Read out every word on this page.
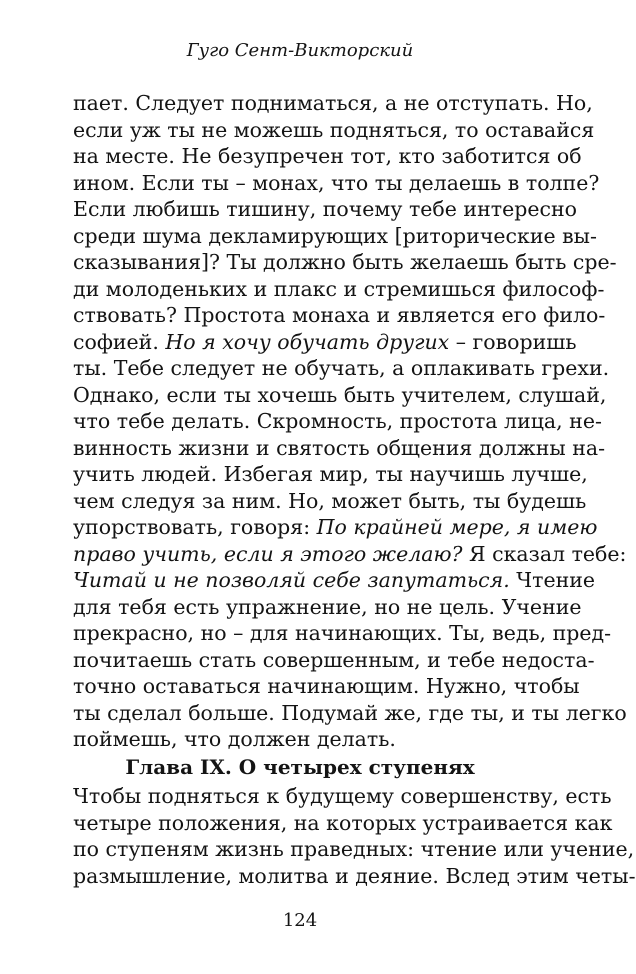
Гуго Сент-Викторский
пает. Следует подниматься, а не отступать. Но,
если уж ты не можешь подняться, то оставайся
на месте. Не безупречен тот, кто заботится об
ином. Если ты – монах, что ты делаешь в толпе?
Если любишь тишину, почему тебе интересно
среди шума декламирующих [риторические вы-
сказывания]? Ты должно быть желаешь быть сре-
ди молоденьких и плакс и стремишься философ-
ствовать? Простота монаха и является его фило-
софией. Но я хочу обучать других – говоришь
ты. Тебе следует не обучать, а оплакивать грехи.
Однако, если ты хочешь быть учителем, слушай,
что тебе делать. Скромность, простота лица, не-
винность жизни и святость общения должны на-
учить людей. Избегая мир, ты научишь лучше,
чем следуя за ним. Но, может быть, ты будешь
упорствовать, говоря: По крайней мере, я имею
право учить, если я этого желаю? Я сказал тебе:
Читай и не позволяй себе запутаться. Чтение
для тебя есть упражнение, но не цель. Учение
прекрасно, но – для начинающих. Ты, ведь, пред-
почитаешь стать совершенным, и тебе недоста-
точно оставаться начинающим. Нужно, чтобы
ты сделал больше. Подумай же, где ты, и ты легко
поймешь, что должен делать.
Глава IX. О четырех ступенях
Чтобы подняться к будущему совершенству, есть
четыре положения, на которых устраивается как
по ступеням жизнь праведных: чтение или учение,
размышление, молитва и деяние. Вслед этим четы-
124
